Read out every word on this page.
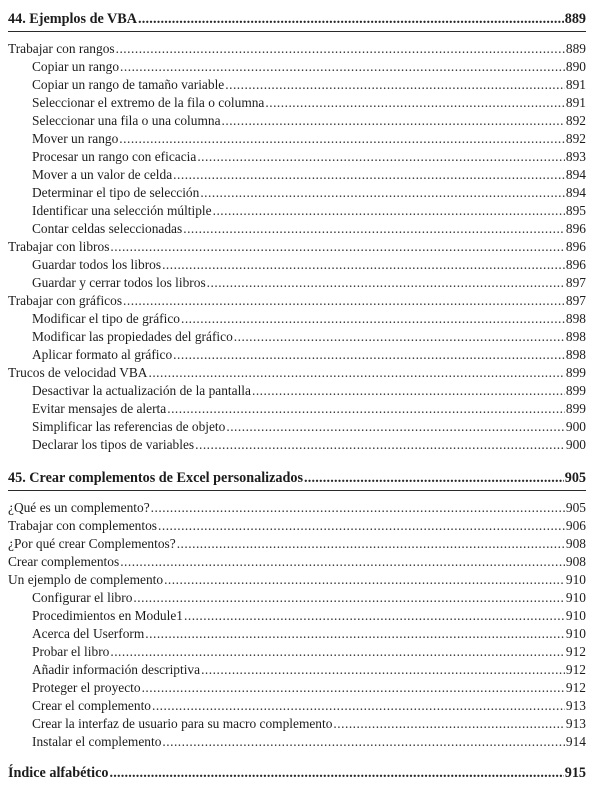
44. Ejemplos de VBA .....	889
Trabajar con rangos .....	889
Copiar un rango .....	890
Copiar un rango de tamaño variable .....	891
Seleccionar el extremo de la fila o columna .....	891
Seleccionar una fila o una columna .....	892
Mover un rango .....	892
Procesar un rango con eficacia .....	893
Mover a un valor de celda .....	894
Determinar el tipo de selección .....	894
Identificar una selección múltiple .....	895
Contar celdas seleccionadas .....	896
Trabajar con libros .....	896
Guardar todos los libros .....	896
Guardar y cerrar todos los libros .....	897
Trabajar con gráficos .....	897
Modificar el tipo de gráfico .....	898
Modificar las propiedades del gráfico .....	898
Aplicar formato al gráfico .....	898
Trucos de velocidad VBA .....	899
Desactivar la actualización de la pantalla .....	899
Evitar mensajes de alerta .....	899
Simplificar las referencias de objeto .....	900
Declarar los tipos de variables .....	900
45. Crear complementos de Excel personalizados .....	905
¿Qué es un complemento? .....	905
Trabajar con complementos .....	906
¿Por qué crear Complementos? .....	908
Crear complementos .....	908
Un ejemplo de complemento .....	910
Configurar el libro .....	910
Procedimientos en Module1 .....	910
Acerca del Userform .....	910
Probar el libro .....	912
Añadir información descriptiva .....	912
Proteger el proyecto .....	912
Crear el complemento .....	913
Crear la interfaz de usuario para su macro complemento .....	913
Instalar el complemento .....	914
Índice alfabético .....	915
